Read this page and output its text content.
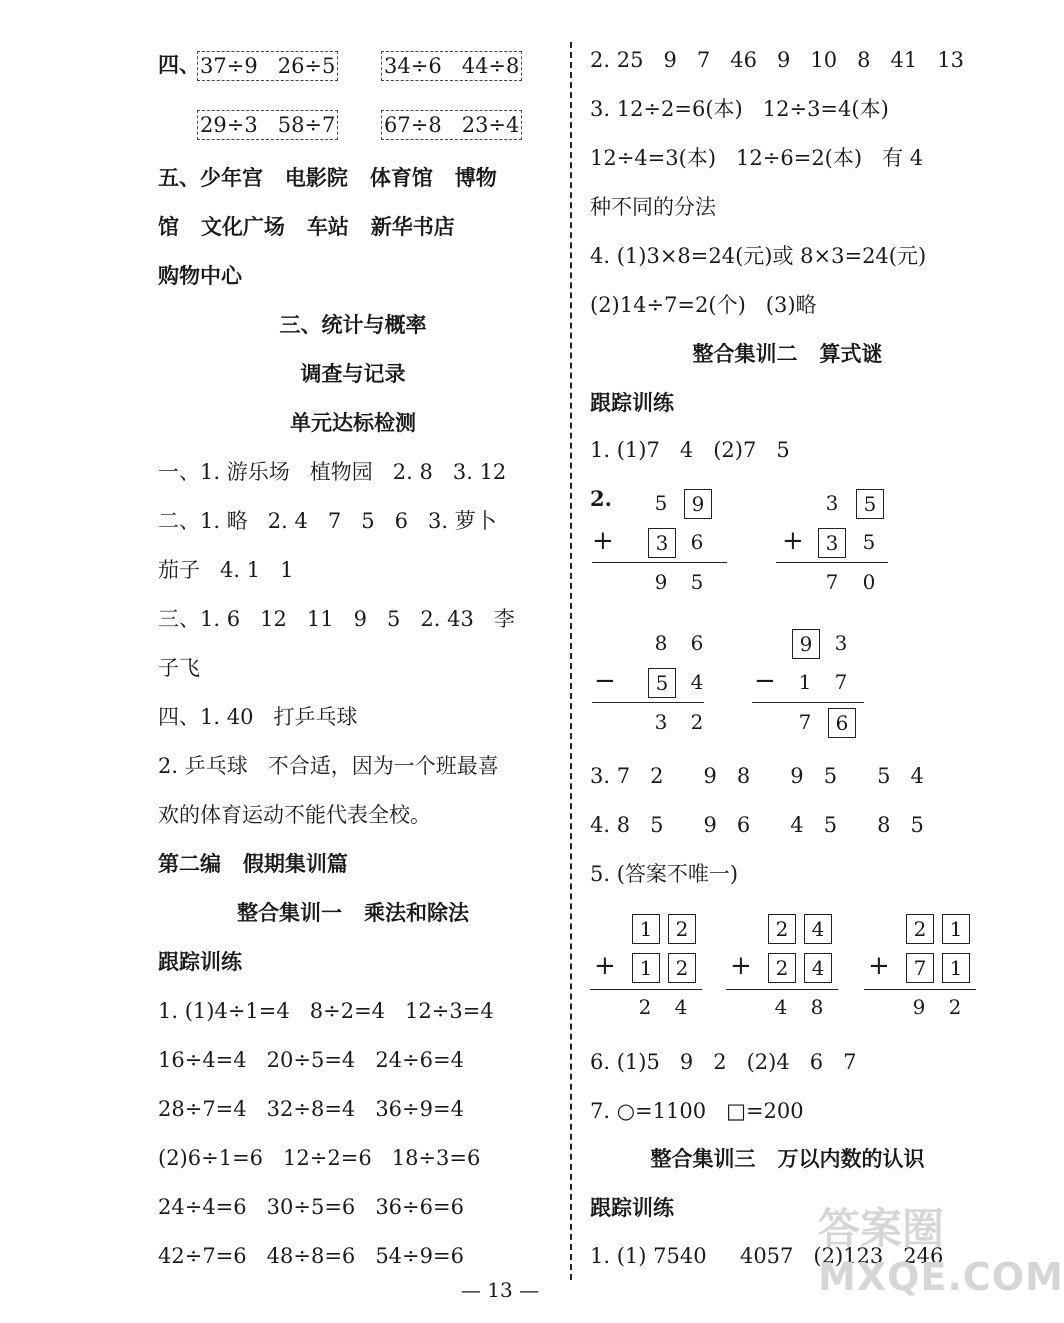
四、 37÷9   26÷5 34÷6   44÷8
29÷3   58÷7 67÷8   23÷4
五、少年宫   电影院   体育馆   博物
馆   文化广场   车站   新华书店
购物中心
三、统计与概率
调查与记录
单元达标检测
一、1. 游乐场   植物园   2. 8   3. 12
二、1. 略   2. 4   7   5   6   3. 萝卜
茄子   4. 1   1
三、1. 6   12   11   9   5   2. 43   李
子飞
四、1. 40   打乒乓球
2. 乒乓球   不合适，因为一个班最喜
欢的体育运动不能代表全校。
第二编   假期集训篇
整合集训一   乘法和除法
跟踪训练
1. (1)4÷1=4   8÷2=4   12÷3=4
16÷4=4   20÷5=4   24÷6=4
28÷7=4   32÷8=4   36÷9=4
(2)6÷1=6   12÷2=6   18÷3=6
24÷4=6   30÷5=6   36÷6=6
42÷7=6   48÷8=6   54÷9=6
2. 25   9   7   46   9   10   8   41   13
3. 12÷2=6(本)   12÷3=4(本)
12÷4=3(本)   12÷6=2(本)   有 4
种不同的分法
4. (1)3×8=24(元)或 8×3=24(元)
(2)14÷7=2(个)   (3)略
整合集训二   算式谜
跟踪训练
1. (1)7   4   (2)7   5
2. 5	9
+	3	6
9 5
3	5
+	3	5
7 0
8 6
−	5	4
3 2
9	3
− 1 7
7	6
3. 7   2      9   8      9   5      5   4
4. 8   5      9   6      4   5      8   5
5. (答案不唯一)
1	2
+	1	2
2 4
2	4
+	2	4
4 8
2	1
+	7	1
9 2
6. (1)5   9   2   (2)4   6   7
7. ○=1100   □=200
整合集训三   万以内数的认识
跟踪训练
1. (1) 7540     4057   (2)123   246
答案圈
MXQE.COM
— 13 —
